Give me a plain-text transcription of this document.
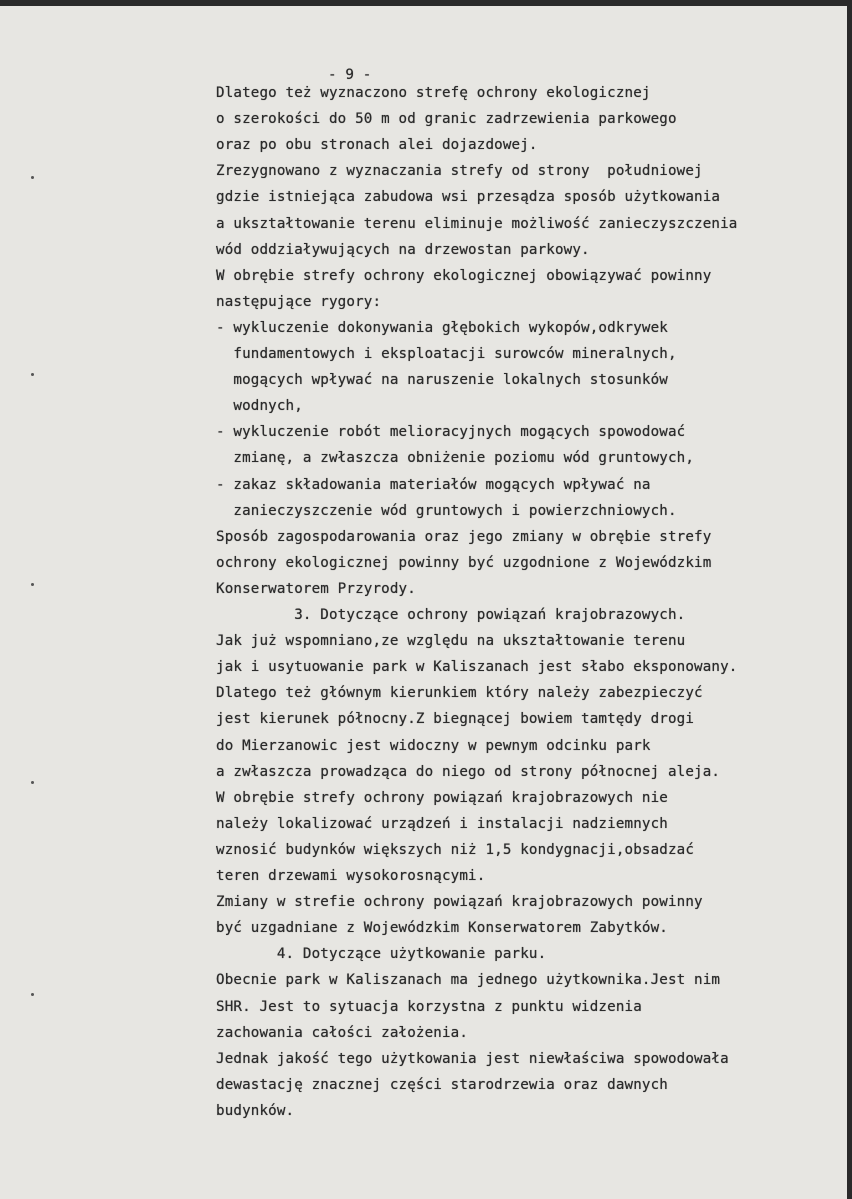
- 9 -
Dlatego też wyznaczono strefę ochrony ekologicznej
o szerokości do 50 m od granic zadrzewienia parkowego
oraz po obu stronach alei dojazdowej.
Zrezygnowano z wyznaczania strefy od strony  południowej
gdzie istniejąca zabudowa wsi przesądza sposób użytkowania
a ukształtowanie terenu eliminuje możliwość zanieczyszczenia
wód oddziaływujących na drzewostan parkowy.
W obrębie strefy ochrony ekologicznej obowiązywać powinny
następujące rygory:
- wykluczenie dokonywania głębokich wykopów,odkrywek
fundamentowych i eksploatacji surowców mineralnych,
mogących wpływać na naruszenie lokalnych stosunków
wodnych,
- wykluczenie robót melioracyjnych mogących spowodować
zmianę, a zwłaszcza obniżenie poziomu wód gruntowych,
- zakaz składowania materiałów mogących wpływać na
zanieczyszczenie wód gruntowych i powierzchniowych.
Sposób zagospodarowania oraz jego zmiany w obrębie strefy
ochrony ekologicznej powinny być uzgodnione z Wojewódzkim
Konserwatorem Przyrody.
3. Dotyczące ochrony powiązań krajobrazowych.
Jak już wspomniano,ze względu na ukształtowanie terenu
jak i usytuowanie park w Kaliszanach jest słabo eksponowany.
Dlatego też głównym kierunkiem który należy zabezpieczyć
jest kierunek północny.Z biegnącej bowiem tamtędy drogi
do Mierzanowic jest widoczny w pewnym odcinku park
a zwłaszcza prowadząca do niego od strony północnej aleja.
W obrębie strefy ochrony powiązań krajobrazowych nie
należy lokalizować urządzeń i instalacji nadziemnych
wznosić budynków większych niż 1,5 kondygnacji,obsadzać
teren drzewami wysokorosnącymi.
Zmiany w strefie ochrony powiązań krajobrazowych powinny
być uzgadniane z Wojewódzkim Konserwatorem Zabytków.
4. Dotyczące użytkowanie parku.
Obecnie park w Kaliszanach ma jednego użytkownika.Jest nim
SHR. Jest to sytuacja korzystna z punktu widzenia
zachowania całości założenia.
Jednak jakość tego użytkowania jest niewłaściwa spowodowała
dewastację znacznej części starodrzewia oraz dawnych
budynków.
